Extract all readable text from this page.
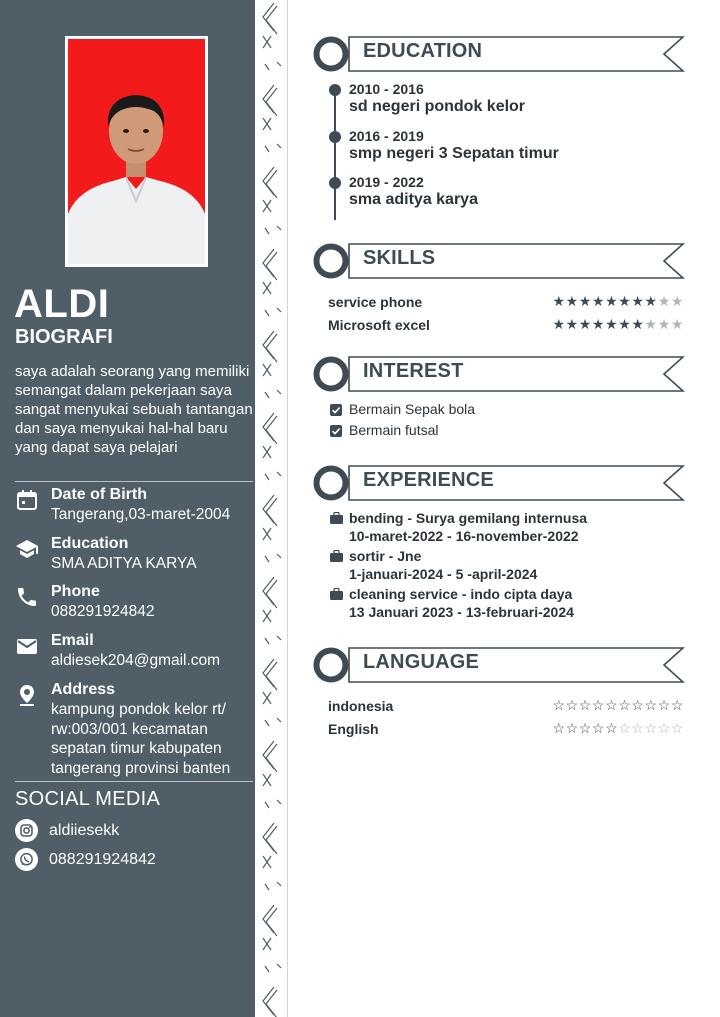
ALDI
BIOGRAFI
saya adalah seorang yang memiliki semangat dalam pekerjaan saya sangat menyukai sebuah tantangan dan saya menyukai hal-hal baru yang dapat saya pelajari
Date of Birth
Tangerang,03-maret-2004
Education
SMA ADITYA KARYA
Phone
088291924842
Email
aldiesek204@gmail.com
Address
kampung pondok kelor rt/ rw:003/001 kecamatan sepatan timur kabupaten tangerang provinsi banten
SOCIAL MEDIA
aldiiesekk
088291924842
EDUCATION
2010 - 2016
sd negeri pondok kelor
2016 - 2019
smp negeri 3 Sepatan timur
2019 - 2022
sma aditya karya
SKILLS
service phone	★★★★★★★★★★
Microsoft excel	★★★★★★★★★★
INTEREST
Bermain Sepak bola
Bermain futsal
EXPERIENCE
bending - Surya gemilang internusa
10-maret-2022 - 16-november-2022
sortir - Jne
1-januari-2024 - 5 -april-2024
cleaning service - indo cipta daya
13 Januari 2023 - 13-februari-2024
LANGUAGE
indonesia	☆☆☆☆☆☆☆☆☆☆
English	☆☆☆☆☆☆☆☆☆☆
